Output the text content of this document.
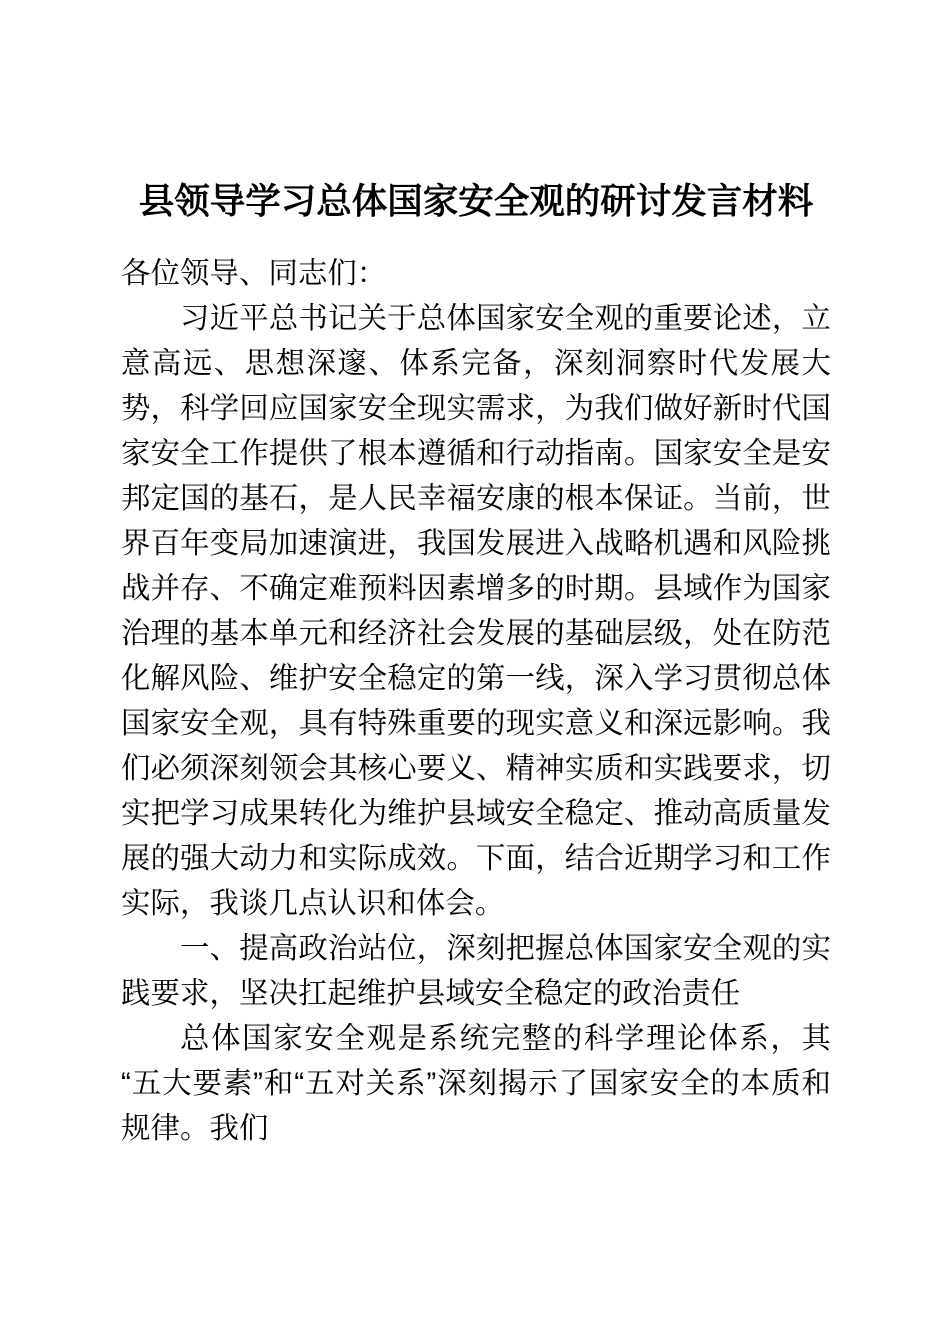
县领导学习总体国家安全观的研讨发言材料

各位领导、同志们：

习近平总书记关于总体国家安全观的重要论述，立意高远、思想深邃、体系完备，深刻洞察时代发展大势，科学回应国家安全现实需求，为我们做好新时代国家安全工作提供了根本遵循和行动指南。国家安全是安邦定国的基石，是人民幸福安康的根本保证。当前，世界百年变局加速演进，我国发展进入战略机遇和风险挑战并存、不确定难预料因素增多的时期。县域作为国家治理的基本单元和经济社会发展的基础层级，处在防范化解风险、维护安全稳定的第一线，深入学习贯彻总体国家安全观，具有特殊重要的现实意义和深远影响。我们必须深刻领会其核心要义、精神实质和实践要求，切实把学习成果转化为维护县域安全稳定、推动高质量发展的强大动力和实际成效。下面，结合近期学习和工作实际，我谈几点认识和体会。

一、提高政治站位，深刻把握总体国家安全观的实践要求，坚决扛起维护县域安全稳定的政治责任

总体国家安全观是系统完整的科学理论体系，其“五大要素”和“五对关系”深刻揭示了国家安全的本质和规律。我们
